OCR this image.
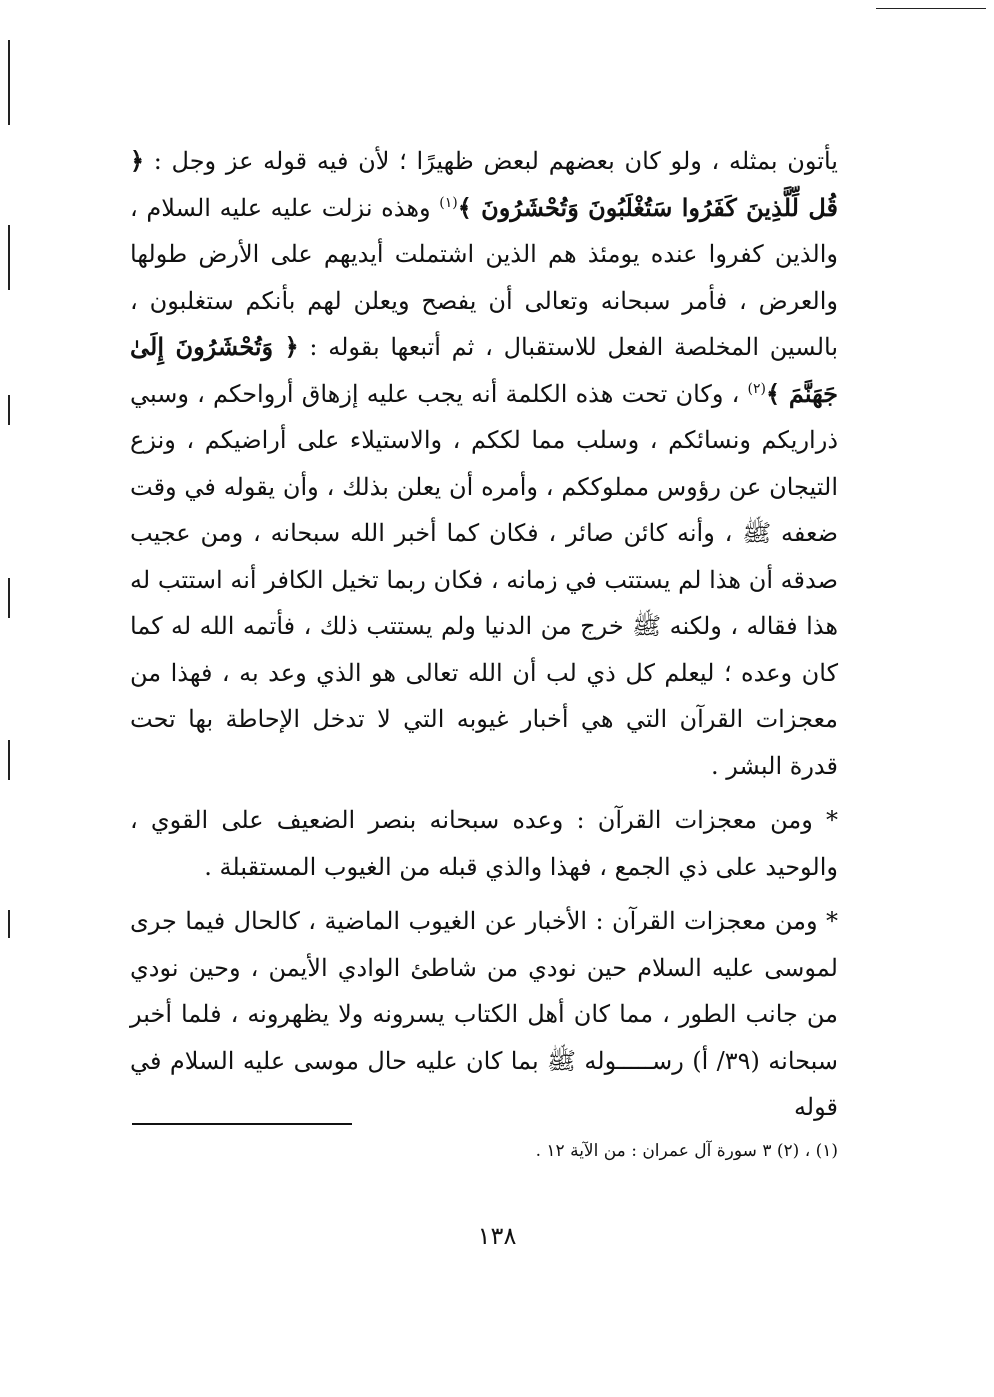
يأتون بمثله ، ولو كان بعضهم لبعض ظهيرًا ؛ لأن فيه قوله عز وجل : ﴿ قُل لِّلَّذِينَ كَفَرُوا سَتُغْلَبُونَ وَتُحْشَرُونَ ﴾$^{(١)}$ وهذه نزلت عليه عليه السلام ، والذين كفروا عنده يومئذ هم الذين اشتملت أيديهم على الأرض طولها والعرض ، فأمر سبحانه وتعالى أن يفصح ويعلن لهم بأنكم ستغلبون ، بالسين المخلصة الفعل للاستقبال ، ثم أتبعها بقوله : ﴿ وَتُحْشَرُونَ إِلَىٰ جَهَنَّمَ ﴾$^{(٢)}$ ، وكان تحت هذه الكلمة أنه يجب عليه إزهاق أرواحكم ، وسبي ذراريكم ونسائكم ، وسلب مما لككم ، والاستيلاء على أراضيكم ، ونزع التيجان عن رؤوس مملوككم ، وأمره أن يعلن بذلك ، وأن يقوله في وقت ضعفه ﷺ ، وأنه كائن صائر ، فكان كما أخبر الله سبحانه ، ومن عجيب صدقه أن هذا لم يستتب في زمانه ، فكان ربما تخيل الكافر أنه استتب له هذا فقاله ، ولكنه ﷺ خرج من الدنيا ولم يستتب ذلك ، فأتمه الله له كما كان وعده ؛ ليعلم كل ذي لب أن الله تعالى هو الذي وعد به ، فهذا من معجزات القرآن التي هي أخبار غيوبه التي لا تدخل الإحاطة بها تحت قدرة البشر .

* ومن معجزات القرآن : وعده سبحانه بنصر الضعيف على القوي ، والوحيد على ذي الجمع ، فهذا والذي قبله من الغيوب المستقبلة .

* ومن معجزات القرآن : الأخبار عن الغيوب الماضية ، كالحال فيما جرى لموسى عليه السلام حين نودي من شاطئ الوادي الأيمن ، وحين نودي من جانب الطور ، مما كان أهل الكتاب يسرونه ولا يظهرونه ، فلما أخبر سبحانه (٣٩/ أ) رســـــوله ﷺ بما كان عليه حال موسى عليه السلام في قوله

(١) ، (٢) ٣ سورة آل عمران : من الآية ١٢ .
١٣٨
